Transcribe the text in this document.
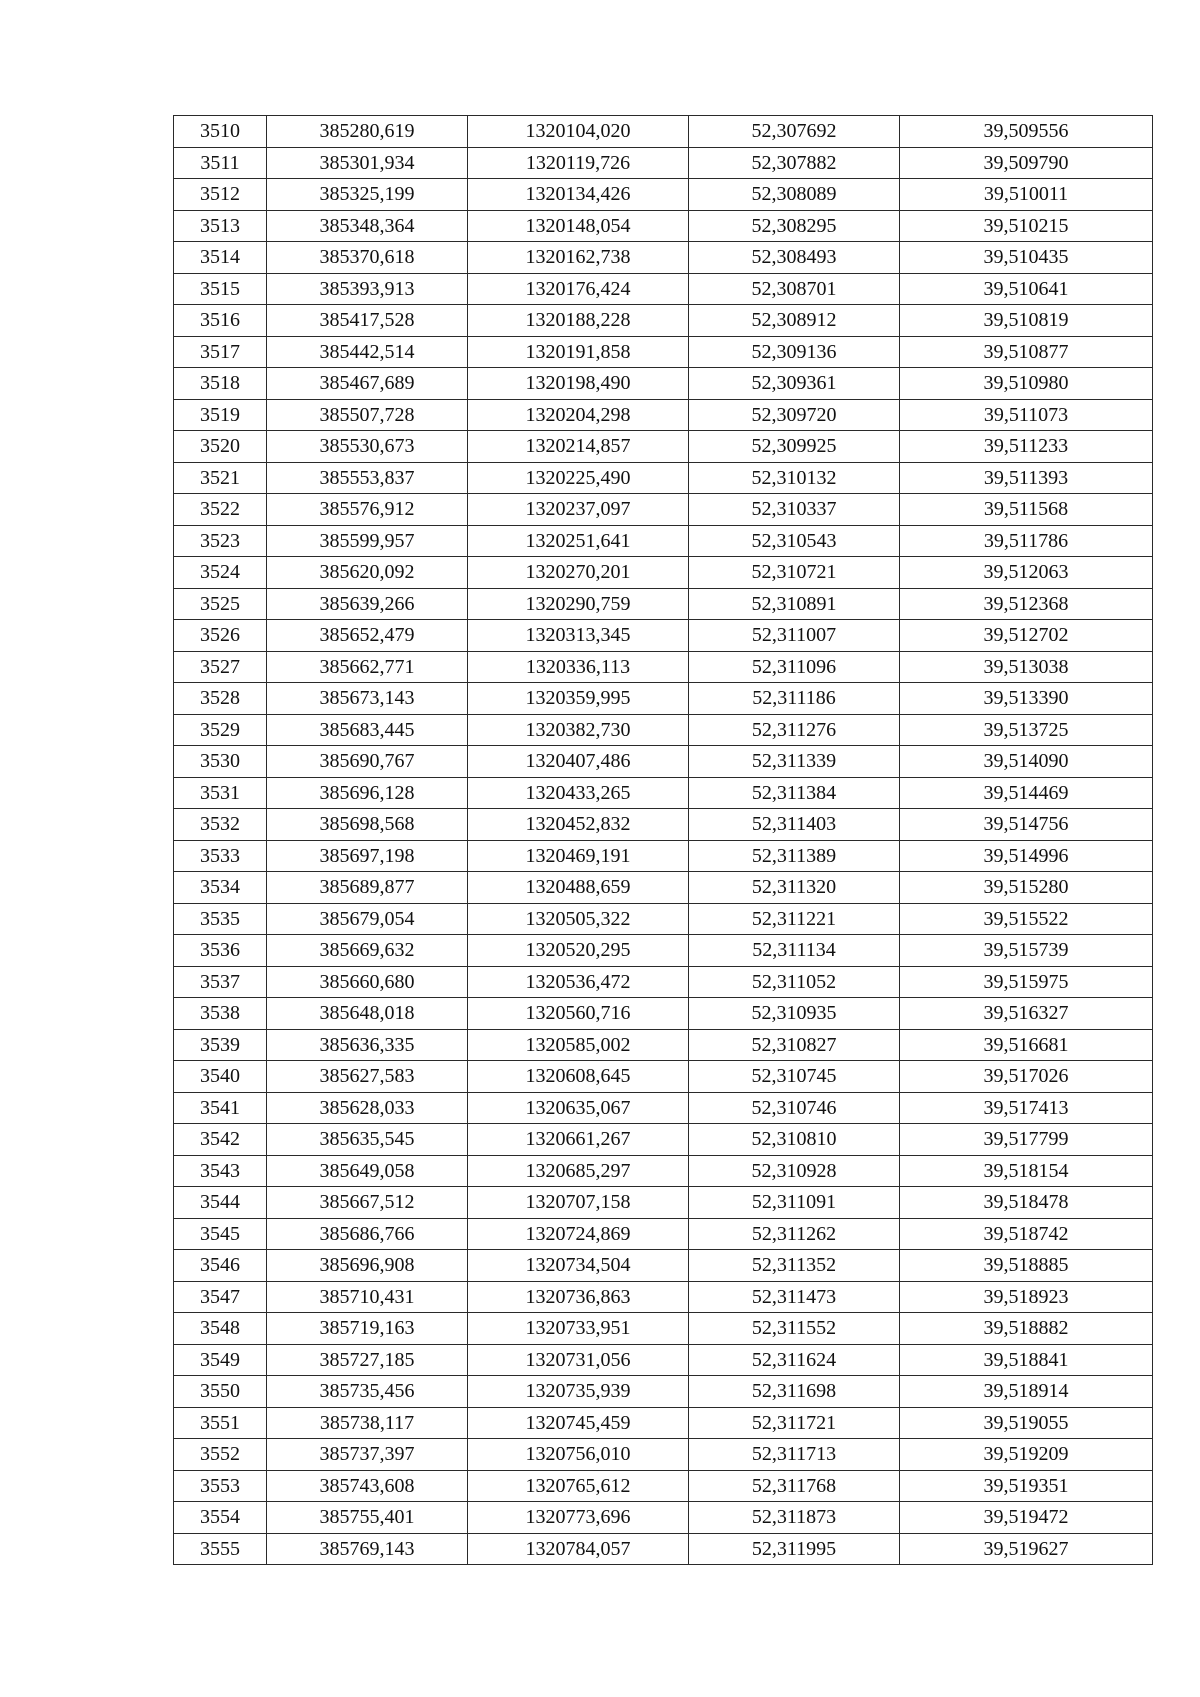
3510	385280,619	1320104,020	52,307692	39,509556
3511	385301,934	1320119,726	52,307882	39,509790
3512	385325,199	1320134,426	52,308089	39,510011
3513	385348,364	1320148,054	52,308295	39,510215
3514	385370,618	1320162,738	52,308493	39,510435
3515	385393,913	1320176,424	52,308701	39,510641
3516	385417,528	1320188,228	52,308912	39,510819
3517	385442,514	1320191,858	52,309136	39,510877
3518	385467,689	1320198,490	52,309361	39,510980
3519	385507,728	1320204,298	52,309720	39,511073
3520	385530,673	1320214,857	52,309925	39,511233
3521	385553,837	1320225,490	52,310132	39,511393
3522	385576,912	1320237,097	52,310337	39,511568
3523	385599,957	1320251,641	52,310543	39,511786
3524	385620,092	1320270,201	52,310721	39,512063
3525	385639,266	1320290,759	52,310891	39,512368
3526	385652,479	1320313,345	52,311007	39,512702
3527	385662,771	1320336,113	52,311096	39,513038
3528	385673,143	1320359,995	52,311186	39,513390
3529	385683,445	1320382,730	52,311276	39,513725
3530	385690,767	1320407,486	52,311339	39,514090
3531	385696,128	1320433,265	52,311384	39,514469
3532	385698,568	1320452,832	52,311403	39,514756
3533	385697,198	1320469,191	52,311389	39,514996
3534	385689,877	1320488,659	52,311320	39,515280
3535	385679,054	1320505,322	52,311221	39,515522
3536	385669,632	1320520,295	52,311134	39,515739
3537	385660,680	1320536,472	52,311052	39,515975
3538	385648,018	1320560,716	52,310935	39,516327
3539	385636,335	1320585,002	52,310827	39,516681
3540	385627,583	1320608,645	52,310745	39,517026
3541	385628,033	1320635,067	52,310746	39,517413
3542	385635,545	1320661,267	52,310810	39,517799
3543	385649,058	1320685,297	52,310928	39,518154
3544	385667,512	1320707,158	52,311091	39,518478
3545	385686,766	1320724,869	52,311262	39,518742
3546	385696,908	1320734,504	52,311352	39,518885
3547	385710,431	1320736,863	52,311473	39,518923
3548	385719,163	1320733,951	52,311552	39,518882
3549	385727,185	1320731,056	52,311624	39,518841
3550	385735,456	1320735,939	52,311698	39,518914
3551	385738,117	1320745,459	52,311721	39,519055
3552	385737,397	1320756,010	52,311713	39,519209
3553	385743,608	1320765,612	52,311768	39,519351
3554	385755,401	1320773,696	52,311873	39,519472
3555	385769,143	1320784,057	52,311995	39,519627
